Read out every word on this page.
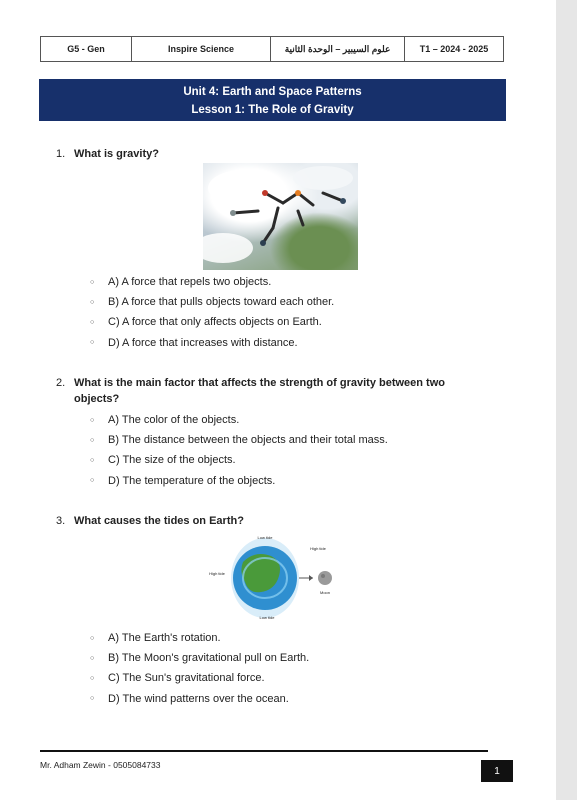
G5 - Gen	Inspire Science	علوم السيبير – الوحدة الثانية	T1 – 2024 - 2025
Unit 4: Earth and Space Patterns
Lesson 1: The Role of Gravity
1. What is gravity?
○	A) A force that repels two objects.
○	B) A force that pulls objects toward each other.
○	C) A force that only affects objects on Earth.
○	D) A force that increases with distance.
2. What is the main factor that affects the strength of gravity between two
objects?
○	A) The color of the objects.
○	B) The distance between the objects and their total mass.
○	C) The size of the objects.
○	D) The temperature of the objects.
3. What causes the tides on Earth?
Low tide
High tide
High tide
Moon
Low tide
○	A) The Earth's rotation.
○	B) The Moon's gravitational pull on Earth.
○	C) The Sun's gravitational force.
○	D) The wind patterns over the ocean.
Mr. Adham Zewin - 0505084733
1
